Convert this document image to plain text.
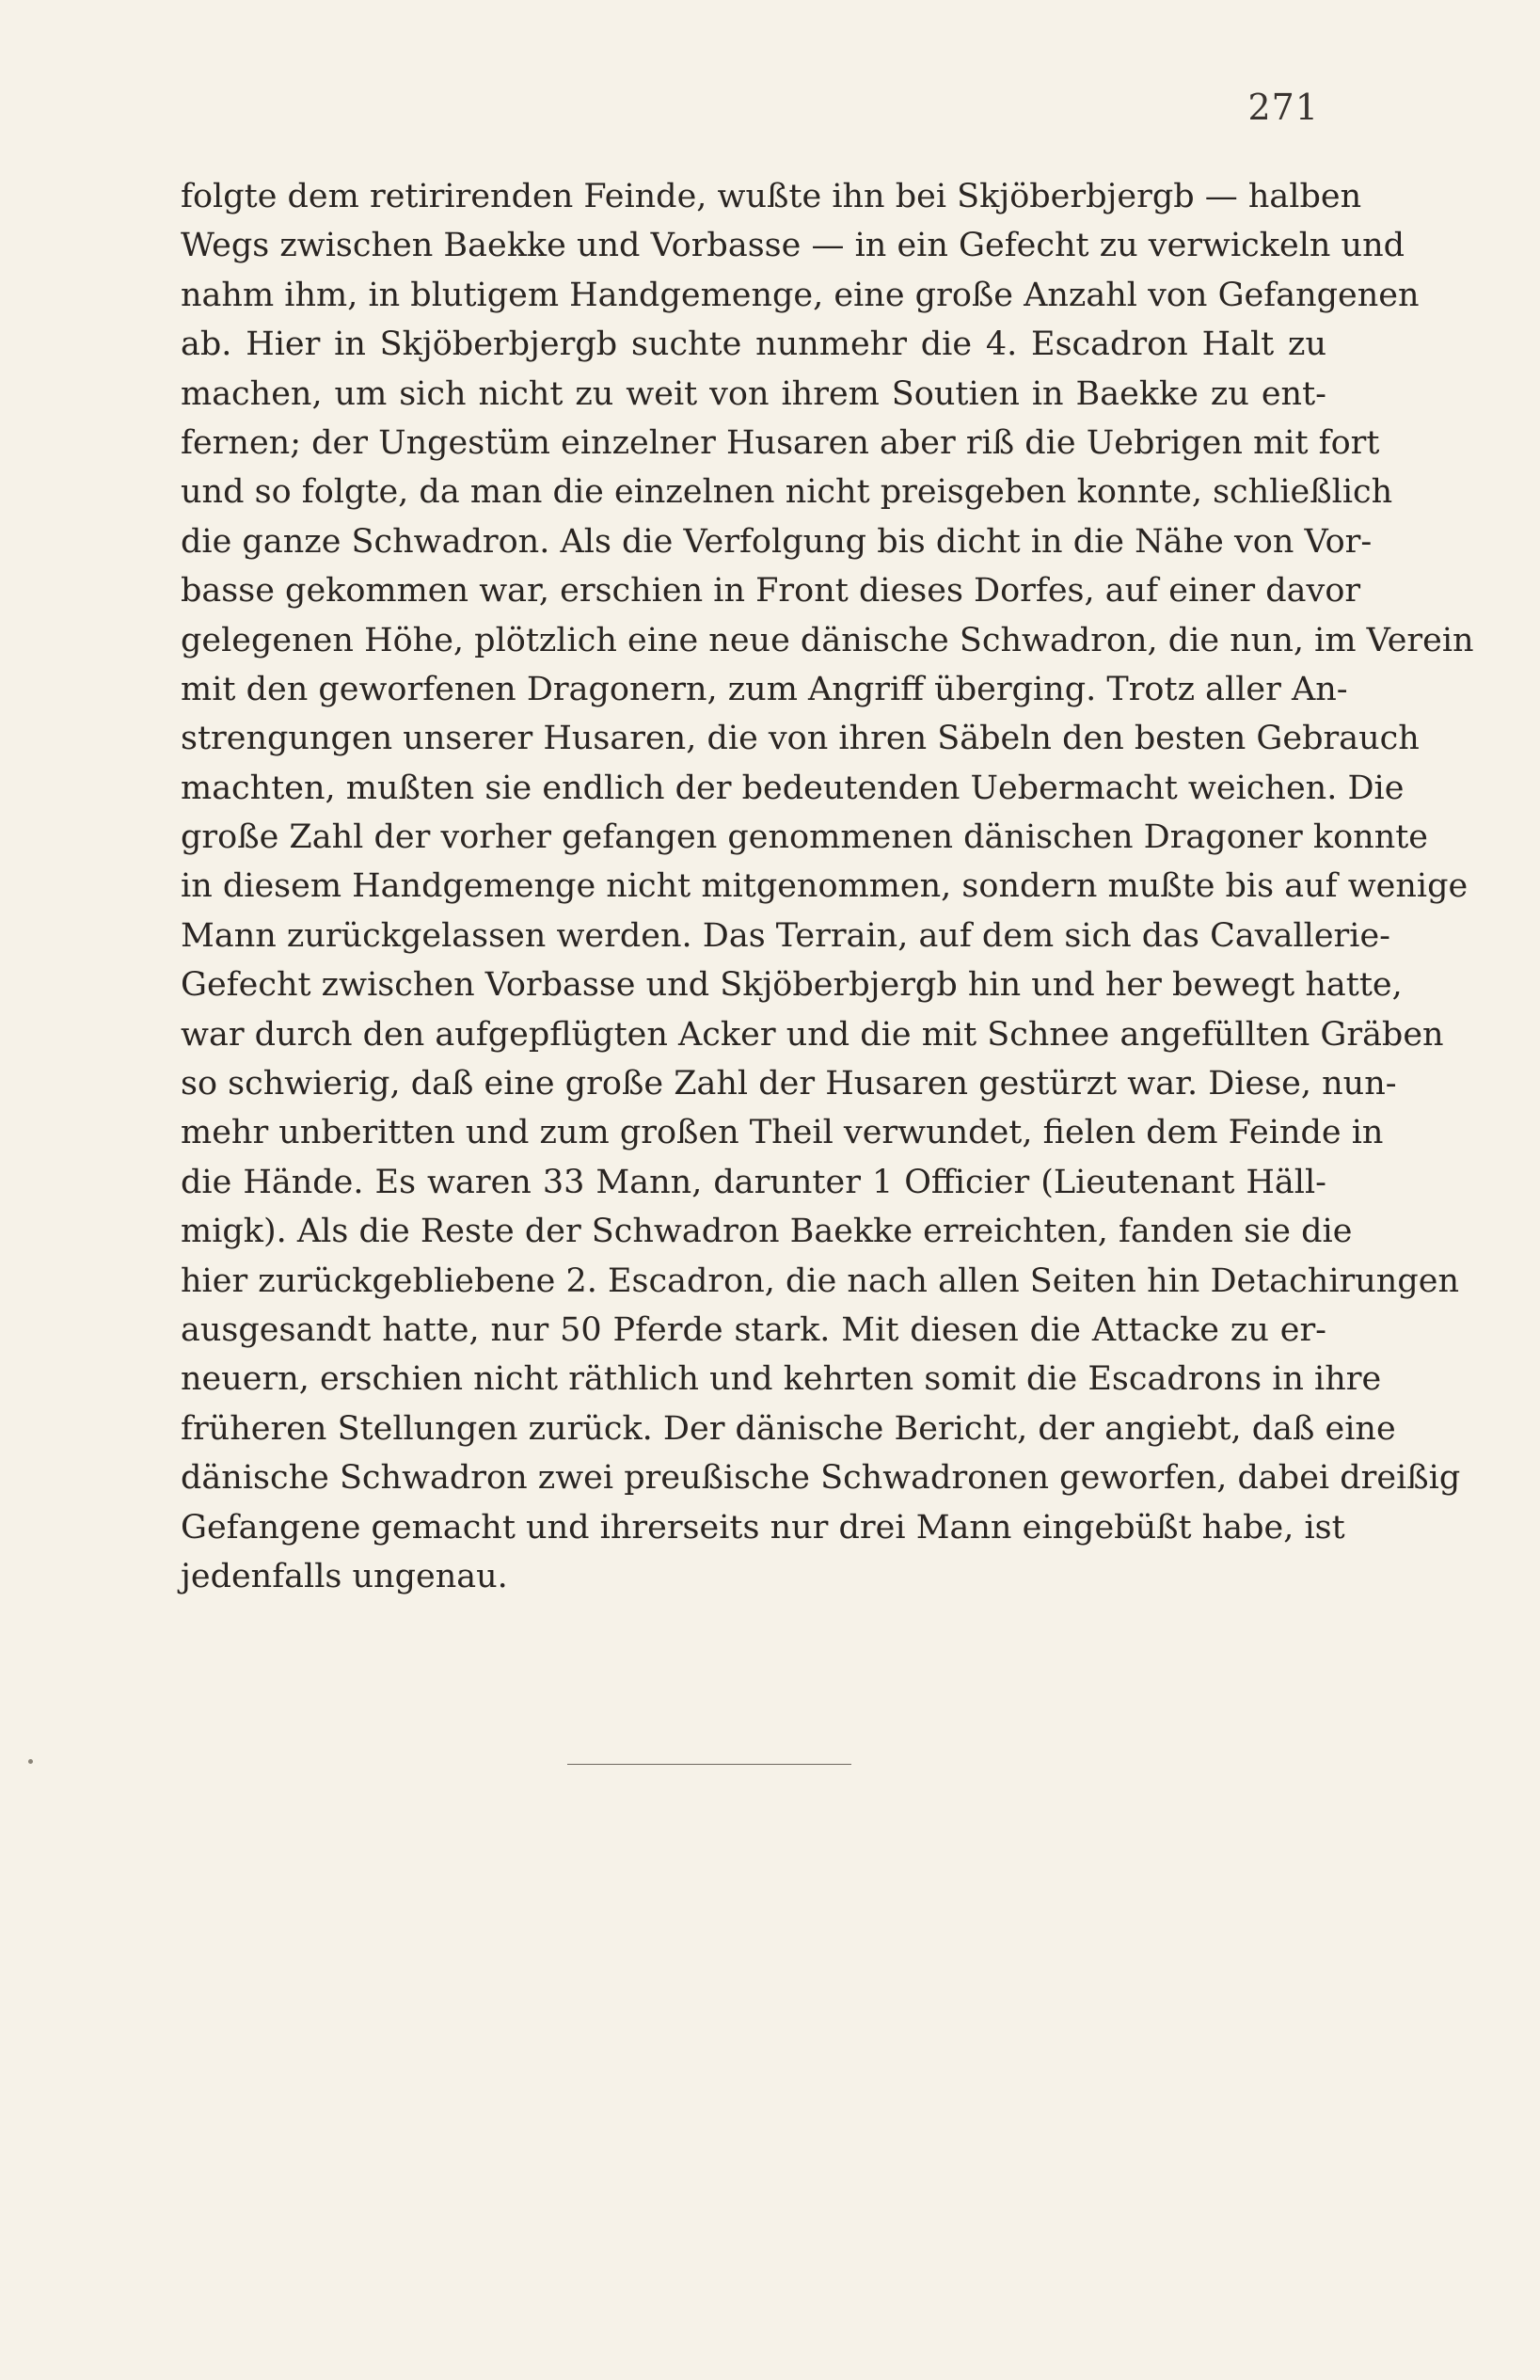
271
folgte dem retirirenden Feinde, wußte ihn bei Skjöberbjergb — halben
Wegs zwischen Baekke und Vorbasse — in ein Gefecht zu verwickeln und
nahm ihm, in blutigem Handgemenge, eine große Anzahl von Gefangenen
ab. Hier in Skjöberbjergb suchte nunmehr die 4. Escadron Halt zu
machen, um sich nicht zu weit von ihrem Soutien in Baekke zu ent-
fernen; der Ungestüm einzelner Husaren aber riß die Uebrigen mit fort
und so folgte, da man die einzelnen nicht preisgeben konnte, schließlich
die ganze Schwadron. Als die Verfolgung bis dicht in die Nähe von Vor-
basse gekommen war, erschien in Front dieses Dorfes, auf einer davor
gelegenen Höhe, plötzlich eine neue dänische Schwadron, die nun, im Verein
mit den geworfenen Dragonern, zum Angriff überging. Trotz aller An-
strengungen unserer Husaren, die von ihren Säbeln den besten Gebrauch
machten, mußten sie endlich der bedeutenden Uebermacht weichen. Die
große Zahl der vorher gefangen genommenen dänischen Dragoner konnte
in diesem Handgemenge nicht mitgenommen, sondern mußte bis auf wenige
Mann zurückgelassen werden. Das Terrain, auf dem sich das Cavallerie-
Gefecht zwischen Vorbasse und Skjöberbjergb hin und her bewegt hatte,
war durch den aufgepflügten Acker und die mit Schnee angefüllten Gräben
so schwierig, daß eine große Zahl der Husaren gestürzt war. Diese, nun-
mehr unberitten und zum großen Theil verwundet, fielen dem Feinde in
die Hände. Es waren 33 Mann, darunter 1 Officier (Lieutenant Häll-
migk). Als die Reste der Schwadron Baekke erreichten, fanden sie die
hier zurückgebliebene 2. Escadron, die nach allen Seiten hin Detachirungen
ausgesandt hatte, nur 50 Pferde stark. Mit diesen die Attacke zu er-
neuern, erschien nicht räthlich und kehrten somit die Escadrons in ihre
früheren Stellungen zurück. Der dänische Bericht, der angiebt, daß eine
dänische Schwadron zwei preußische Schwadronen geworfen, dabei dreißig
Gefangene gemacht und ihrerseits nur drei Mann eingebüßt habe, ist
jedenfalls ungenau.
